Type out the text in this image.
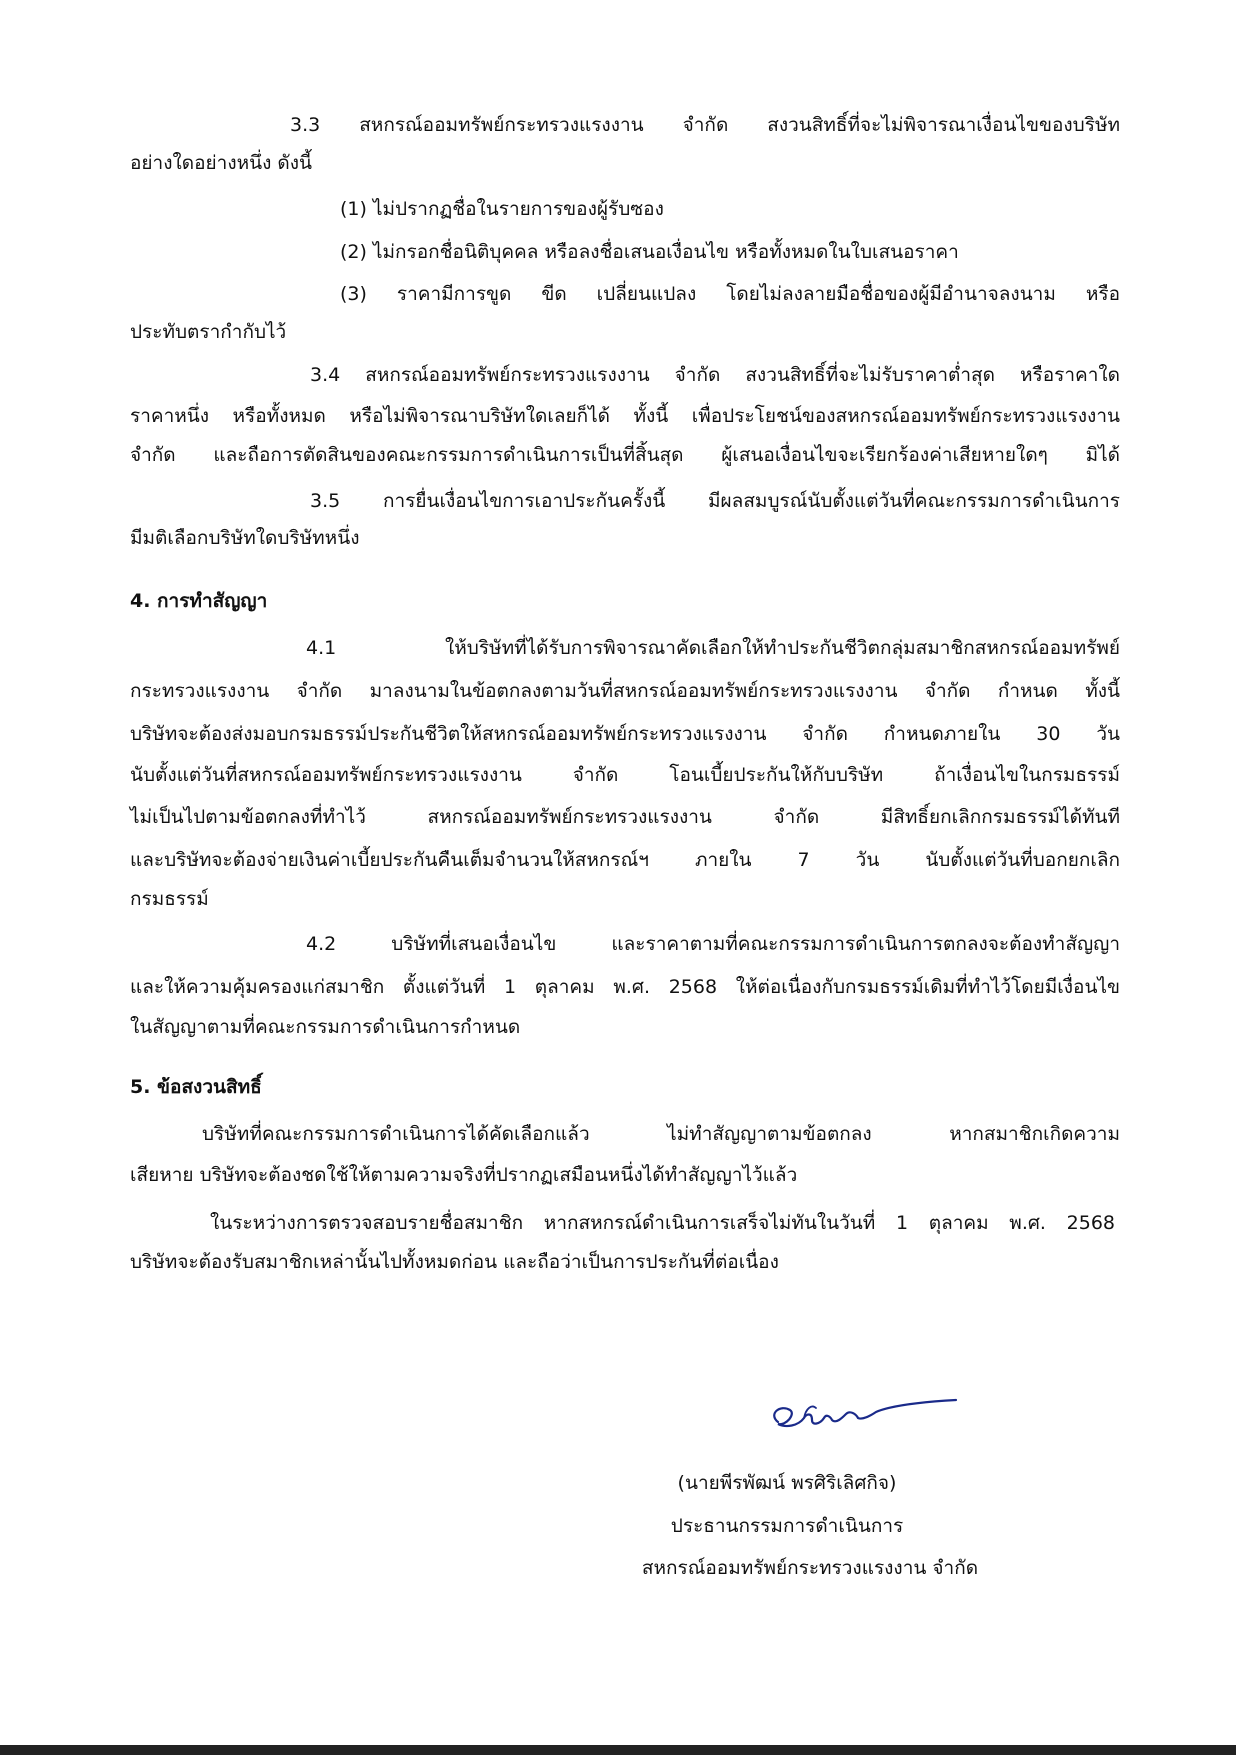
3.3 สหกรณ์ออมทรัพย์กระทรวงแรงงาน จำกัด สงวนสิทธิ์ที่จะไม่พิจารณาเงื่อนไขของบริษัท

อย่างใดอย่างหนึ่ง ดังนี้

(1) ไม่ปรากฏชื่อในรายการของผู้รับซอง

(2) ไม่กรอกชื่อนิติบุคคล หรือลงชื่อเสนอเงื่อนไข หรือทั้งหมดในใบเสนอราคา

(3) ราคามีการขูด ขีด เปลี่ยนแปลง โดยไม่ลงลายมือชื่อของผู้มีอำนาจลงนาม หรือ

ประทับตรากำกับไว้

3.4 สหกรณ์ออมทรัพย์กระทรวงแรงงาน จำกัด สงวนสิทธิ์ที่จะไม่รับราคาต่ำสุด หรือราคาใด

ราคาหนึ่ง หรือทั้งหมด หรือไม่พิจารณาบริษัทใดเลยก็ได้ ทั้งนี้ เพื่อประโยชน์ของสหกรณ์ออมทรัพย์กระทรวงแรงงาน

จำกัด และถือการตัดสินของคณะกรรมการดำเนินการเป็นที่สิ้นสุด ผู้เสนอเงื่อนไขจะเรียกร้องค่าเสียหายใดๆ มิได้

3.5 การยื่นเงื่อนไขการเอาประกันครั้งนี้ มีผลสมบูรณ์นับตั้งแต่วันที่คณะกรรมการดำเนินการ

มีมติเลือกบริษัทใดบริษัทหนึ่ง

4. การทำสัญญา

4.1 ให้บริษัทที่ได้รับการพิจารณาคัดเลือกให้ทำประกันชีวิตกลุ่มสมาชิกสหกรณ์ออมทรัพย์

กระทรวงแรงงาน จำกัด มาลงนามในข้อตกลงตามวันที่สหกรณ์ออมทรัพย์กระทรวงแรงงาน จำกัด กำหนด ทั้งนี้

บริษัทจะต้องส่งมอบกรมธรรม์ประกันชีวิตให้สหกรณ์ออมทรัพย์กระทรวงแรงงาน จำกัด กำหนดภายใน 30 วัน

นับตั้งแต่วันที่สหกรณ์ออมทรัพย์กระทรวงแรงงาน จำกัด โอนเบี้ยประกันให้กับบริษัท ถ้าเงื่อนไขในกรมธรรม์

ไม่เป็นไปตามข้อตกลงที่ทำไว้ สหกรณ์ออมทรัพย์กระทรวงแรงงาน จำกัด มีสิทธิ์ยกเลิกกรมธรรม์ได้ทันที

และบริษัทจะต้องจ่ายเงินค่าเบี้ยประกันคืนเต็มจำนวนให้สหกรณ์ฯ ภายใน 7 วัน นับตั้งแต่วันที่บอกยกเลิก

กรมธรรม์

4.2 บริษัทที่เสนอเงื่อนไข และราคาตามที่คณะกรรมการดำเนินการตกลงจะต้องทำสัญญา

และให้ความคุ้มครองแก่สมาชิก ตั้งแต่วันที่ 1 ตุลาคม พ.ศ. 2568 ให้ต่อเนื่องกับกรมธรรม์เดิมที่ทำไว้โดยมีเงื่อนไข

ในสัญญาตามที่คณะกรรมการดำเนินการกำหนด

5. ข้อสงวนสิทธิ์

บริษัทที่คณะกรรมการดำเนินการได้คัดเลือกแล้ว ไม่ทำสัญญาตามข้อตกลง หากสมาชิกเกิดความ

เสียหาย บริษัทจะต้องชดใช้ให้ตามความจริงที่ปรากฏเสมือนหนึ่งได้ทำสัญญาไว้แล้ว

ในระหว่างการตรวจสอบรายชื่อสมาชิก หากสหกรณ์ดำเนินการเสร็จไม่ทันในวันที่ 1 ตุลาคม พ.ศ. 2568

บริษัทจะต้องรับสมาชิกเหล่านั้นไปทั้งหมดก่อน และถือว่าเป็นการประกันที่ต่อเนื่อง

(นายพีรพัฒน์ พรศิริเลิศกิจ)

ประธานกรรมการดำเนินการ

สหกรณ์ออมทรัพย์กระทรวงแรงงาน จำกัด
